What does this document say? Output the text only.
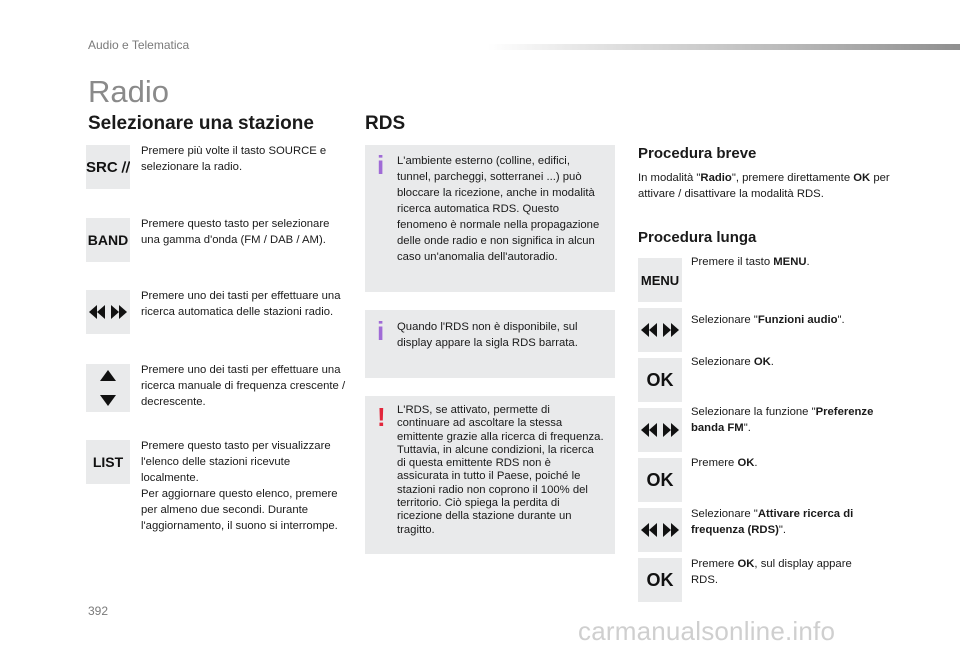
Audio e Telematica
Radio
Selezionare una stazione
SRC
Premere più volte il tasto SOURCE e selezionare la radio.
BAND
Premere questo tasto per selezionare una gamma d'onda (FM / DAB / AM).
Premere uno dei tasti per effettuare una ricerca automatica delle stazioni radio.
Premere uno dei tasti per effettuare una ricerca manuale di frequenza crescente / decrescente.
LIST
Premere questo tasto per visualizzare l'elenco delle stazioni ricevute localmente.
Per aggiornare questo elenco, premere per almeno due secondi. Durante l'aggiornamento, il suono si interrompe.
RDS
i L'ambiente esterno (colline, edifici, tunnel, parcheggi, sotterranei ...) può bloccare la ricezione, anche in modalità ricerca automatica RDS. Questo fenomeno è normale nella propagazione delle onde radio e non significa in alcun caso un'anomalia dell'autoradio.
i Quando l'RDS non è disponibile, sul display appare la sigla RDS barrata.
! L'RDS, se attivato, permette di continuare ad ascoltare la stessa emittente grazie alla ricerca di frequenza. Tuttavia, in alcune condizioni, la ricerca di questa emittente RDS non è assicurata in tutto il Paese, poiché le stazioni radio non coprono il 100% del territorio. Ciò spiega la perdita di ricezione della stazione durante un tragitto.
Procedura breve
In modalità "Radio", premere direttamente OK per attivare / disattivare la modalità RDS.
Procedura lunga
MENU
Premere il tasto MENU.
Selezionare "Funzioni audio".
OK
Selezionare OK.
Selezionare la funzione "Preferenze banda FM".
OK
Premere OK.
Selezionare "Attivare ricerca di frequenza (RDS)".
OK
Premere OK, sul display appare RDS.
392
carmanualsonline.info
